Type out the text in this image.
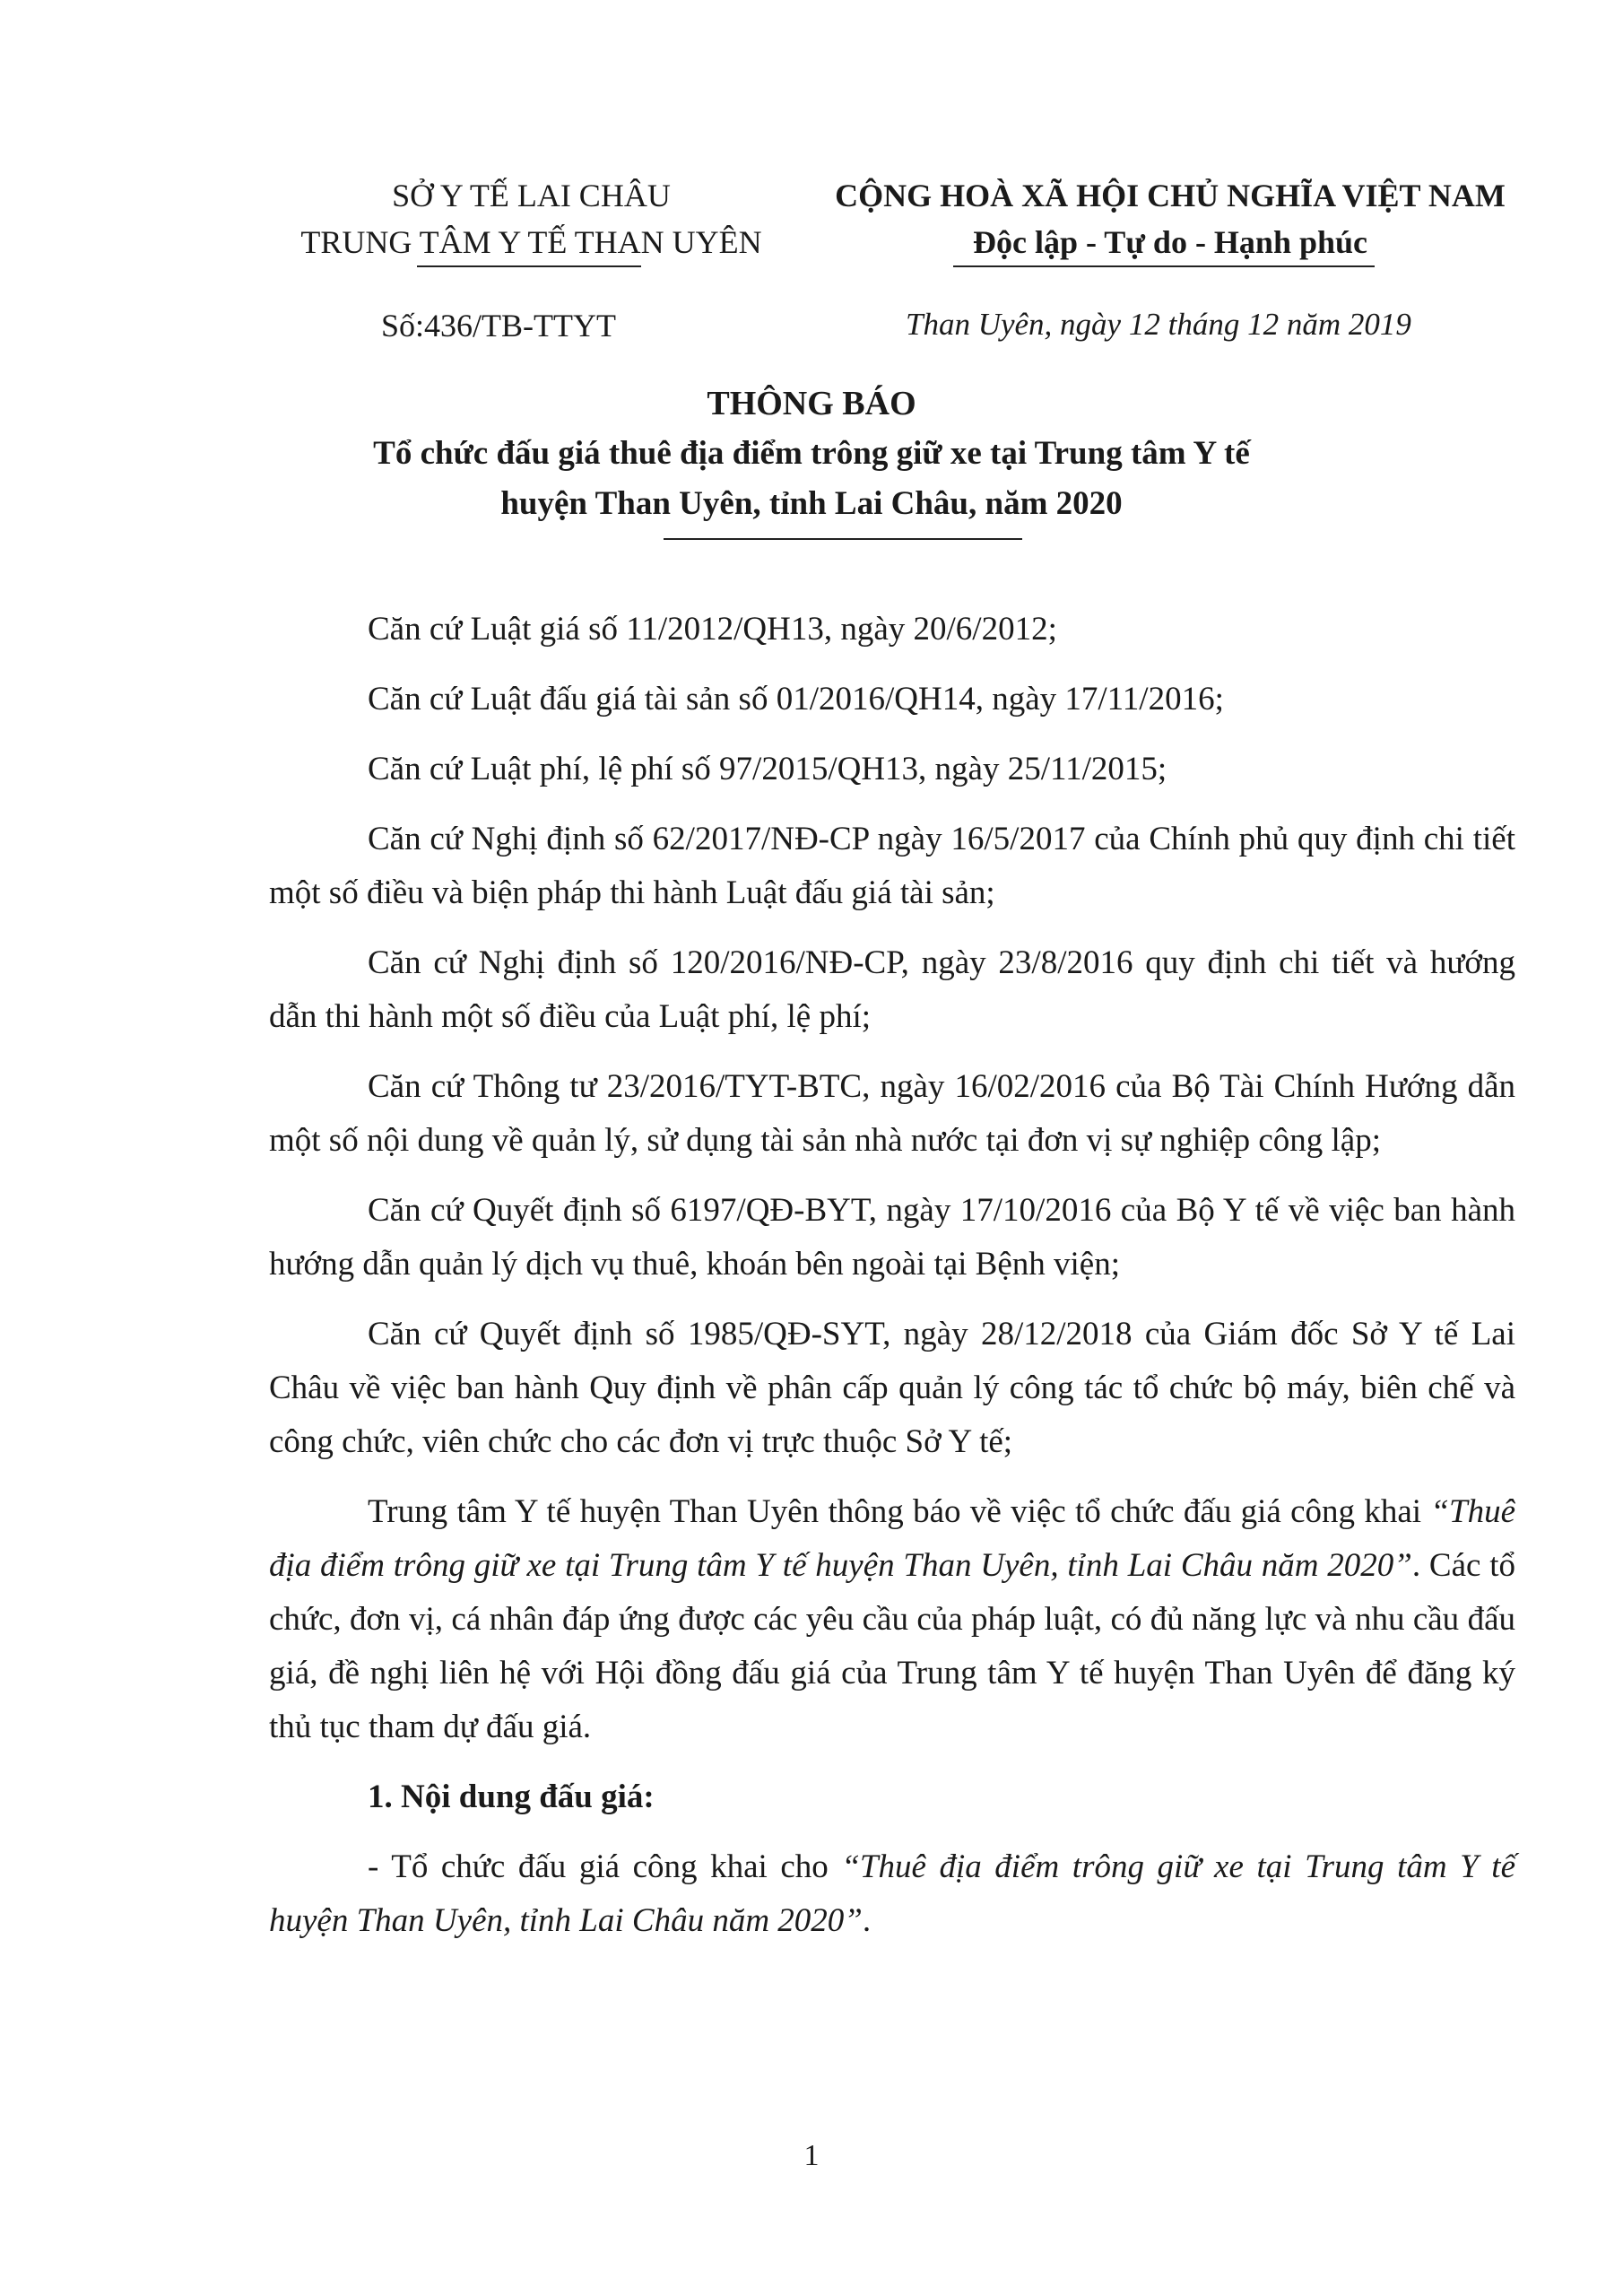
SỞ Y TẾ LAI CHÂU

TRUNG TÂM Y TẾ THAN UYÊN
CỘNG HOÀ XÃ HỘI CHỦ NGHĨA VIỆT NAM
Độc lập - Tự do - Hạnh phúc
Số:436/TB-TTYT	Than Uyên, ngày 12 tháng 12 năm 2019
THÔNG BÁO

Tổ chức đấu giá thuê địa điểm trông giữ xe tại Trung tâm Y tế
huyện Than Uyên, tỉnh Lai Châu, năm 2020

Căn cứ Luật giá số 11/2012/QH13, ngày 20/6/2012;

Căn cứ Luật đấu giá tài sản số 01/2016/QH14, ngày 17/11/2016;

Căn cứ Luật phí, lệ phí số 97/2015/QH13, ngày 25/11/2015;

Căn cứ Nghị định số 62/2017/NĐ-CP ngày 16/5/2017 của Chính phủ quy định chi tiết một số điều và biện pháp thi hành Luật đấu giá tài sản;

Căn cứ Nghị định số 120/2016/NĐ-CP, ngày 23/8/2016 quy định chi tiết và hướng dẫn thi hành một số điều của Luật phí, lệ phí;

Căn cứ Thông tư 23/2016/TYT-BTC, ngày 16/02/2016 của Bộ Tài Chính Hướng dẫn một số nội dung về quản lý, sử dụng tài sản nhà nước tại đơn vị sự nghiệp công lập;

Căn cứ Quyết định số 6197/QĐ-BYT, ngày 17/10/2016 của Bộ Y tế về việc ban hành hướng dẫn quản lý dịch vụ thuê, khoán bên ngoài tại Bệnh viện;

Căn cứ Quyết định số 1985/QĐ-SYT, ngày 28/12/2018 của Giám đốc Sở Y tế Lai Châu về việc ban hành Quy định về phân cấp quản lý công tác tổ chức bộ máy, biên chế và công chức, viên chức cho các đơn vị trực thuộc Sở Y tế;

Trung tâm Y tế huyện Than Uyên thông báo về việc tổ chức đấu giá công khai “Thuê địa điểm trông giữ xe tại Trung tâm Y tế huyện Than Uyên, tỉnh Lai Châu năm 2020”. Các tổ chức, đơn vị, cá nhân đáp ứng được các yêu cầu của pháp luật, có đủ năng lực và nhu cầu đấu giá, đề nghị liên hệ với Hội đồng đấu giá của Trung tâm Y tế huyện Than Uyên để đăng ký thủ tục tham dự đấu giá.

1. Nội dung đấu giá:

- Tổ chức đấu giá công khai cho “Thuê địa điểm trông giữ xe tại Trung tâm Y tế huyện Than Uyên, tỉnh Lai Châu năm 2020”.

1
